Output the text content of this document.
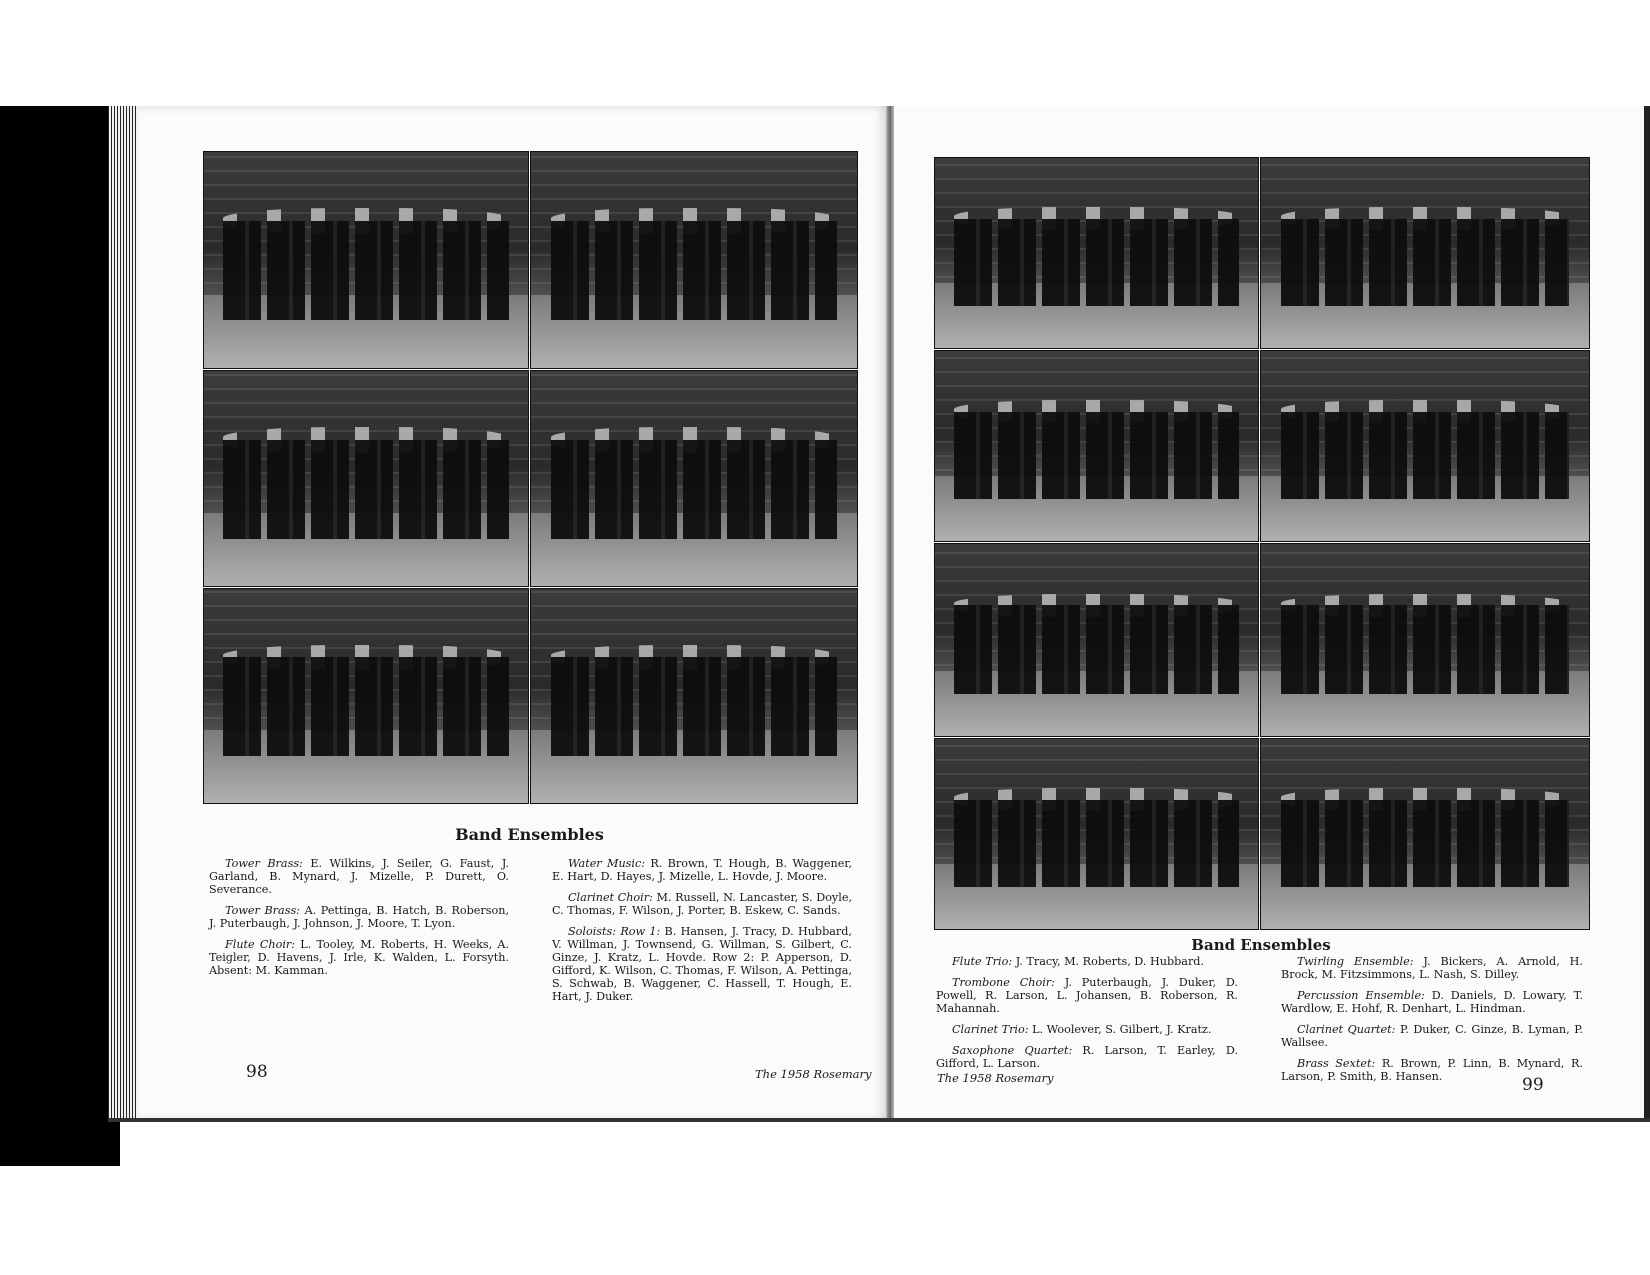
Band Ensembles

Tower Brass: E. Wilkins, J. Seiler, G. Faust, J. Garland, B. Mynard, J. Mizelle, P. Durett, O. Severance.

Tower Brass: A. Pettinga, B. Hatch, B. Roberson, J. Puterbaugh, J. Johnson, J. Moore, T. Lyon.

Flute Choir: L. Tooley, M. Roberts, H. Weeks, A. Teigler, D. Havens, J. Irle, K. Walden, L. Forsyth. Absent: M. Kamman.

Water Music: R. Brown, T. Hough, B. Waggener, E. Hart, D. Hayes, J. Mizelle, L. Hovde, J. Moore.

Clarinet Choir: M. Russell, N. Lancaster, S. Doyle, C. Thomas, F. Wilson, J. Porter, B. Eskew, C. Sands.

Soloists: Row 1: B. Hansen, J. Tracy, D. Hubbard, V. Willman, J. Townsend, G. Willman, S. Gilbert, C. Ginze, J. Kratz, L. Hovde. Row 2: P. Apperson, D. Gifford, K. Wilson, C. Thomas, F. Wilson, A. Pettinga, S. Schwab, B. Waggener, C. Hassell, T. Hough, E. Hart, J. Duker.

98	The 1958 Rosemary
Band Ensembles

Flute Trio: J. Tracy, M. Roberts, D. Hubbard.

Trombone Choir: J. Puterbaugh, J. Duker, D. Powell, R. Larson, L. Johansen, B. Roberson, R. Mahannah.

Clarinet Trio: L. Woolever, S. Gilbert, J. Kratz.

Saxophone Quartet: R. Larson, T. Earley, D. Gifford, L. Larson.

Twirling Ensemble: J. Bickers, A. Arnold, H. Brock, M. Fitzsimmons, L. Nash, S. Dilley.

Percussion Ensemble: D. Daniels, D. Lowary, T. Wardlow, E. Hohf, R. Denhart, L. Hindman.

Clarinet Quartet: P. Duker, C. Ginze, B. Lyman, P. Wallsee.

Brass Sextet: R. Brown, P. Linn, B. Mynard, R. Larson, P. Smith, B. Hansen.

The 1958 Rosemary	99
